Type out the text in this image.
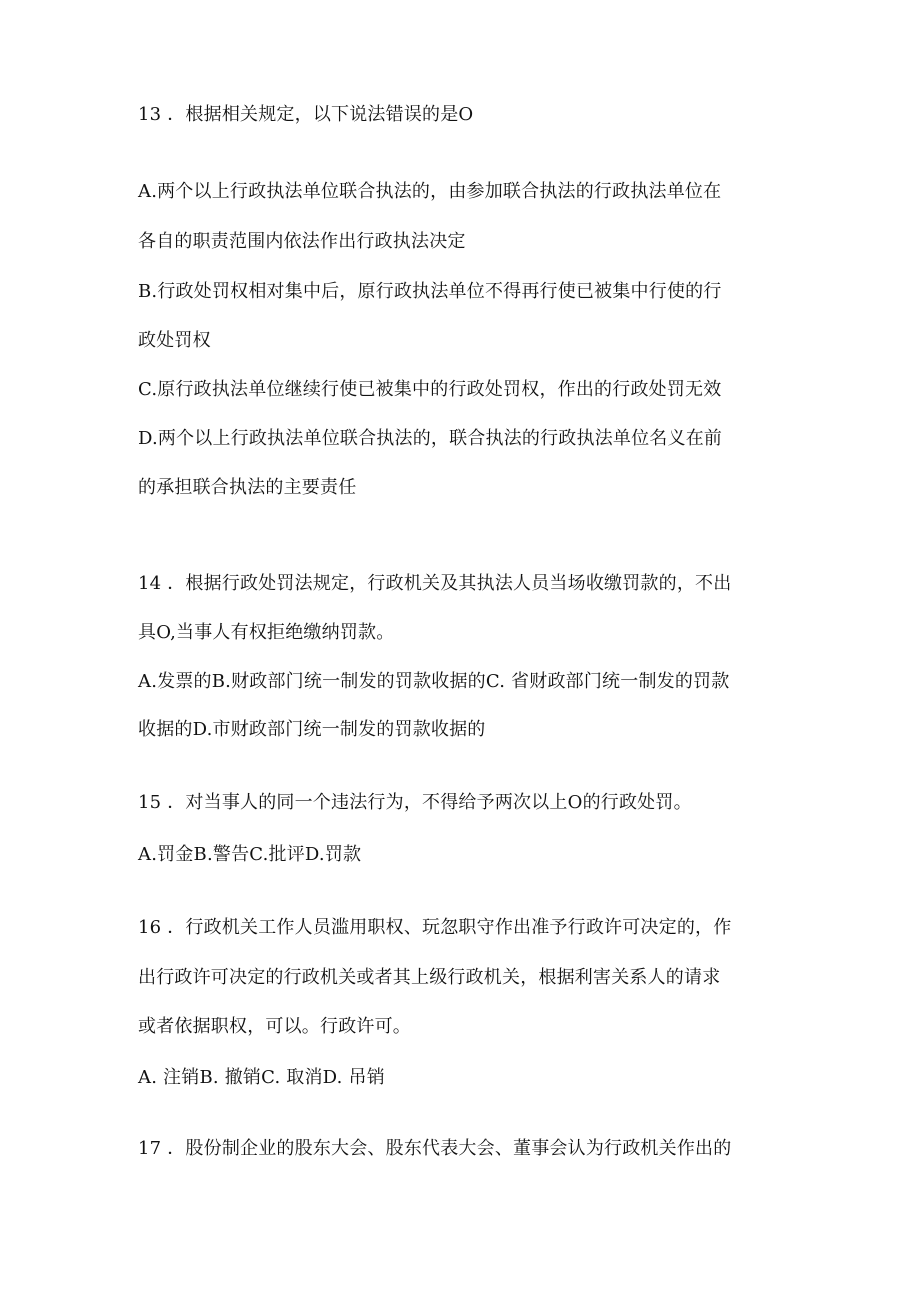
13 ．根据相关规定，以下说法错误的是O
A.两个以上行政执法单位联合执法的，由参加联合执法的行政执法单位在
各自的职责范围内依法作出行政执法决定
B.行政处罚权相对集中后，原行政执法单位不得再行使已被集中行使的行
政处罚权
C.原行政执法单位继续行使已被集中的行政处罚权，作出的行政处罚无效
D.两个以上行政执法单位联合执法的，联合执法的行政执法单位名义在前
的承担联合执法的主要责任
14 ．根据行政处罚法规定，行政机关及其执法人员当场收缴罚款的，不出
具O,当事人有权拒绝缴纳罚款。
A.发票的B.财政部门统一制发的罚款收据的C. 省财政部门统一制发的罚款
收据的D.市财政部门统一制发的罚款收据的
15 ．对当事人的同一个违法行为，不得给予两次以上O的行政处罚。
A.罚金B.警告C.批评D.罚款
16 ．行政机关工作人员滥用职权、玩忽职守作出准予行政许可决定的，作
出行政许可决定的行政机关或者其上级行政机关，根据利害关系人的请求
或者依据职权，可以。行政许可。
A. 注销B. 撤销C. 取消D. 吊销
17 ．股份制企业的股东大会、股东代表大会、董事会认为行政机关作出的
